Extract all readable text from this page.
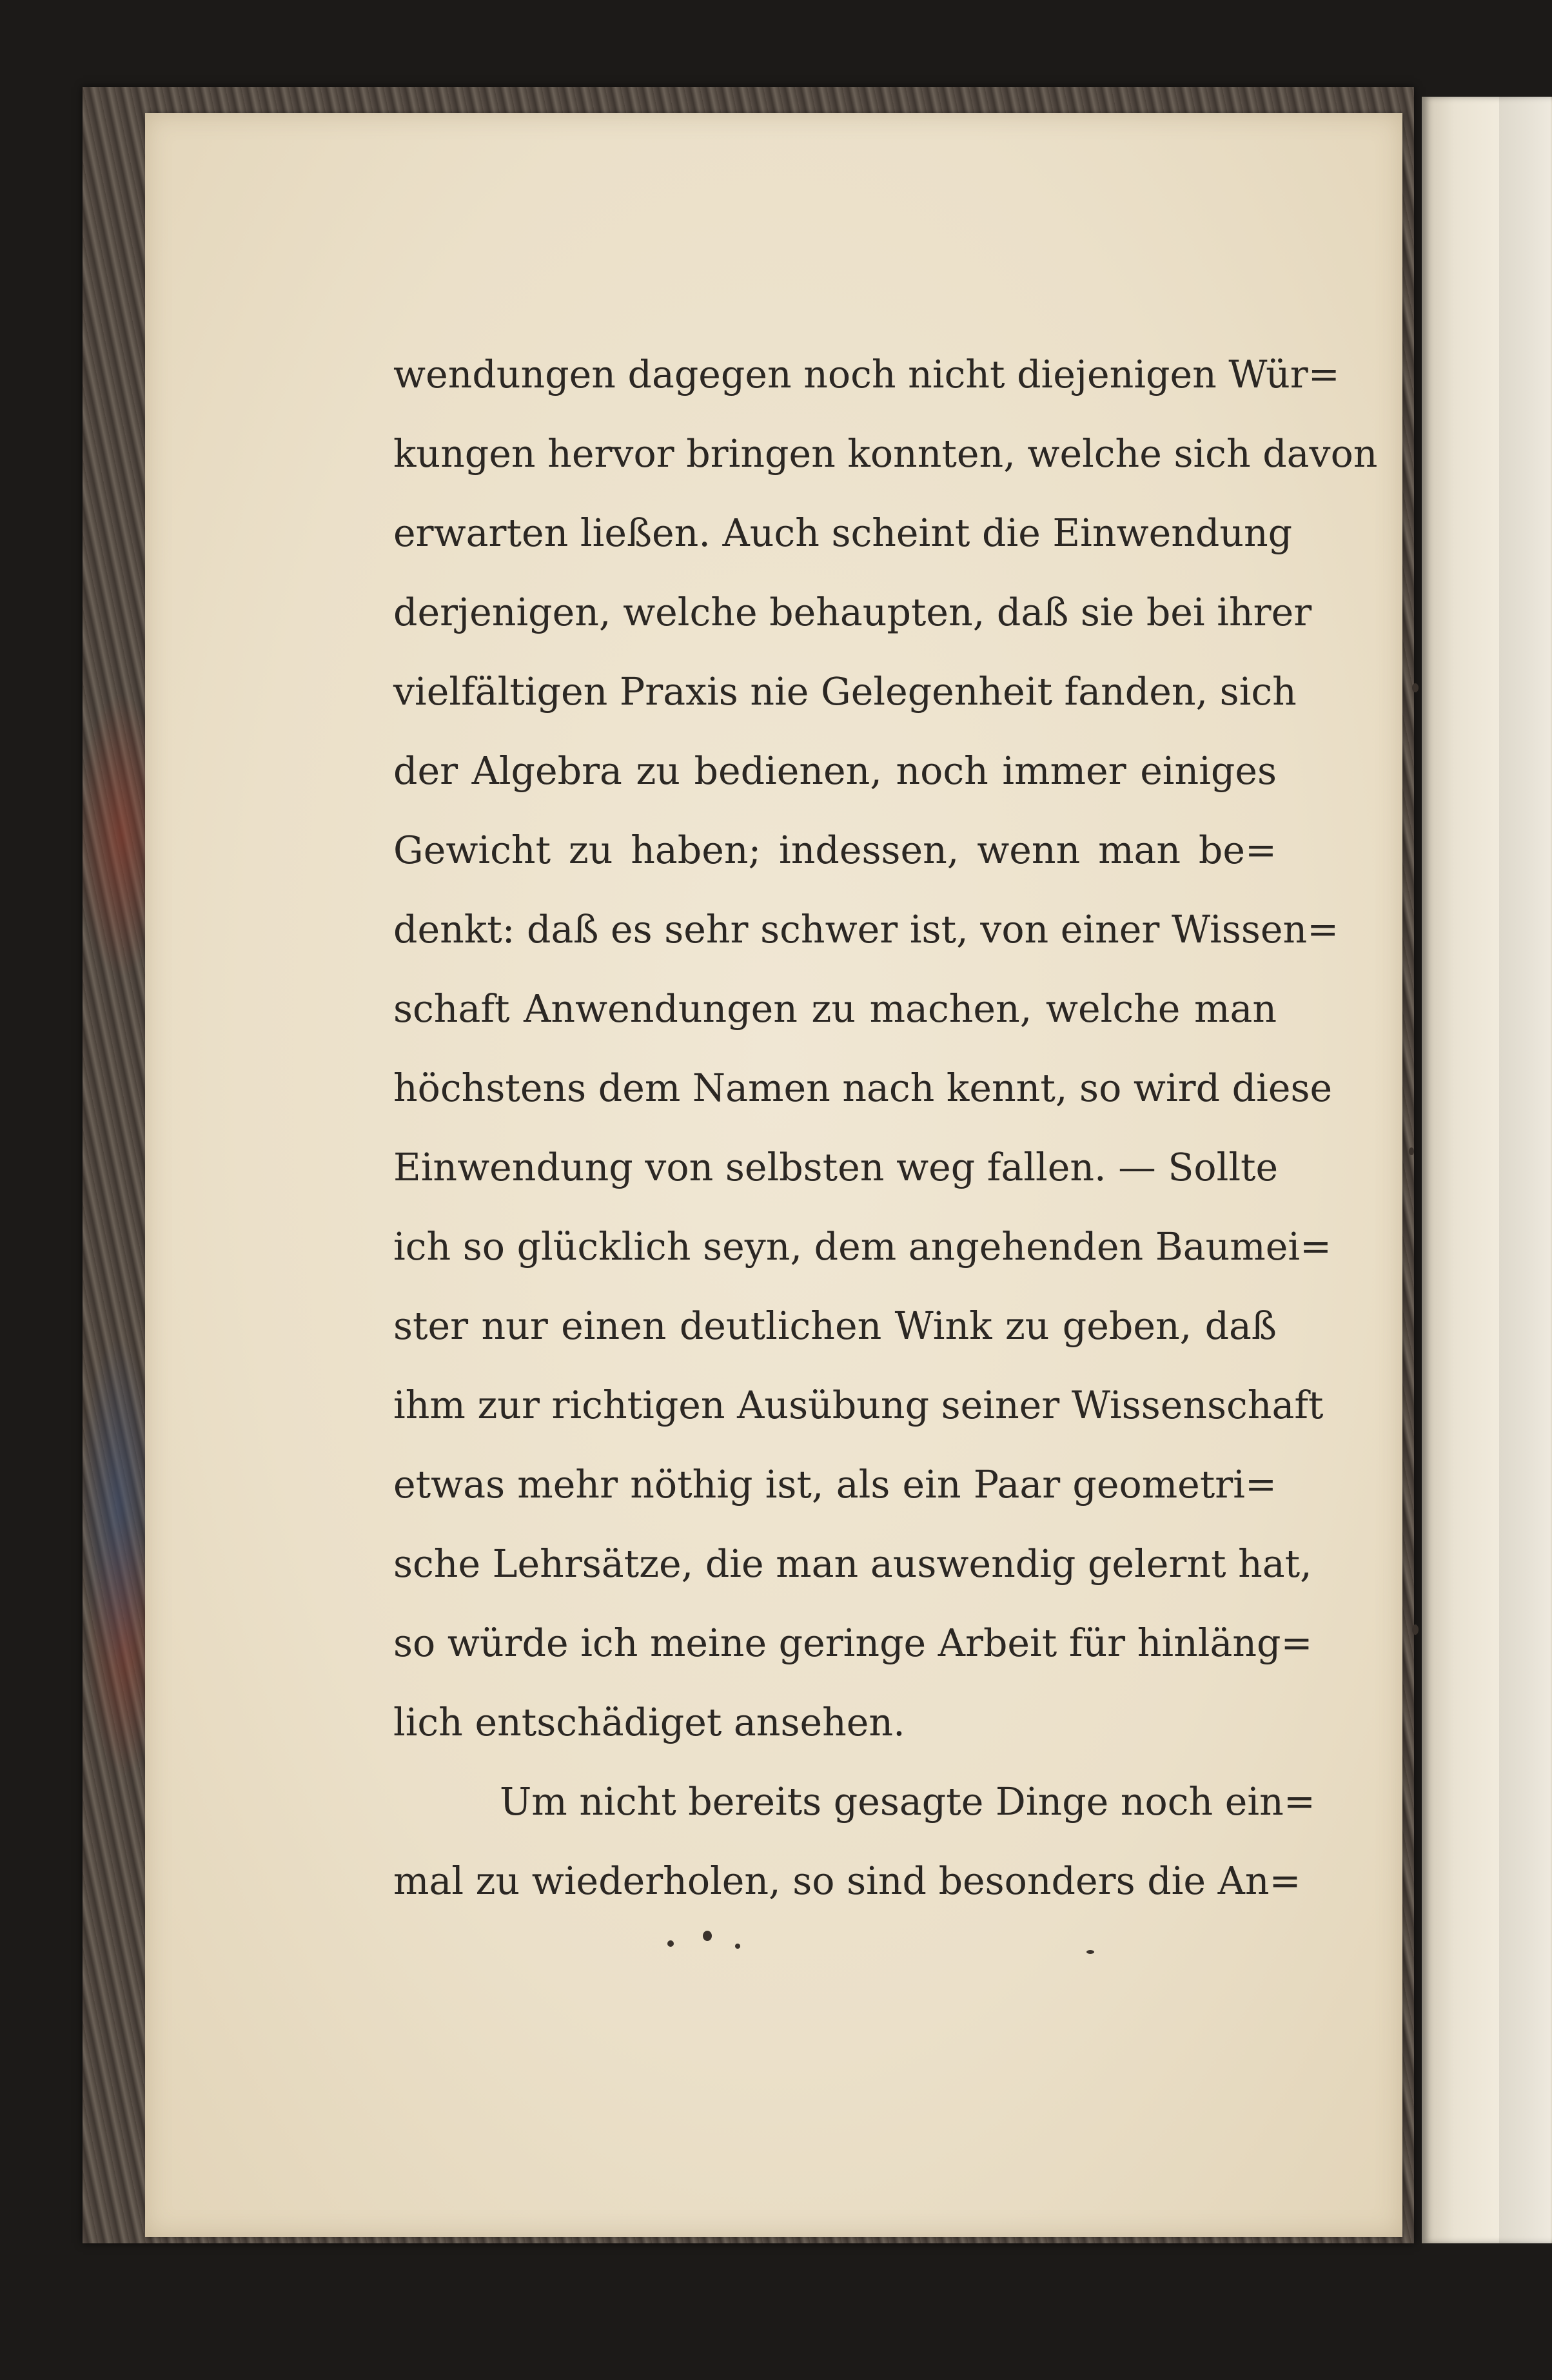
wendungen dagegen noch nicht diejenigen Wür=
kungen hervor bringen konnten, welche sich davon
erwarten ließen. Auch scheint die Einwendung
derjenigen, welche behaupten, daß sie bei ihrer
vielfältigen Praxis nie Gelegenheit fanden, sich
der Algebra zu bedienen, noch immer einiges
Gewicht zu haben; indessen, wenn man be=
denkt: daß es sehr schwer ist, von einer Wissen=
schaft Anwendungen zu machen, welche man
höchstens dem Namen nach kennt, so wird diese
Einwendung von selbsten weg fallen. — Sollte
ich so glücklich seyn, dem angehenden Baumei=
ster nur einen deutlichen Wink zu geben, daß
ihm zur richtigen Ausübung seiner Wissenschaft
etwas mehr nöthig ist, als ein Paar geometri=
sche Lehrsätze, die man auswendig gelernt hat,
so würde ich meine geringe Arbeit für hinläng=
lich entschädiget ansehen.
Um nicht bereits gesagte Dinge noch ein=
mal zu wiederholen, so sind besonders die An=
